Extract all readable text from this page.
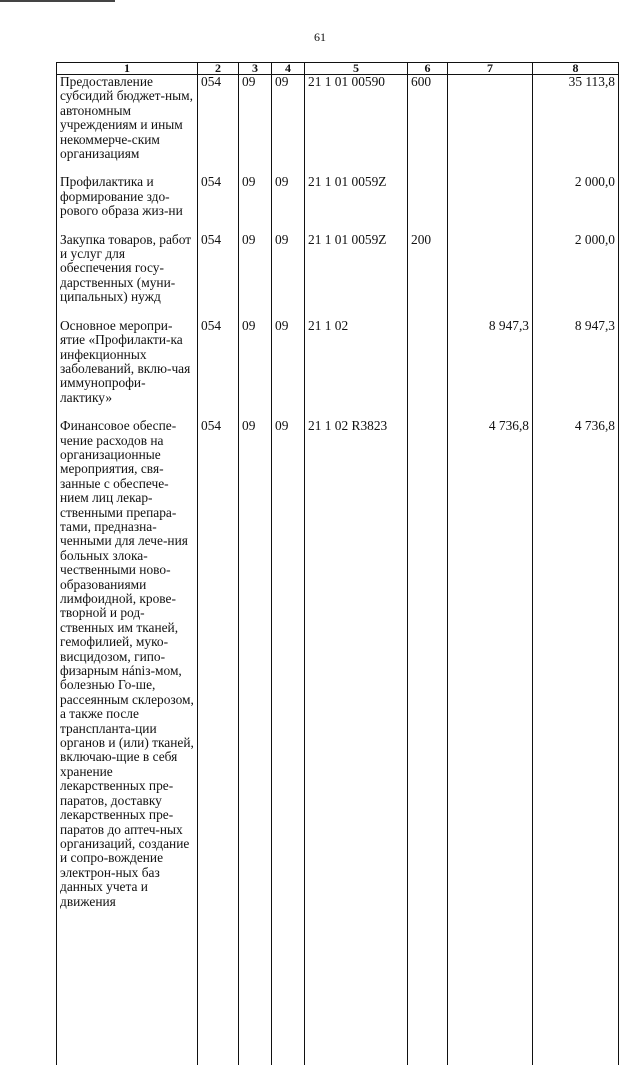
61
1	2	3	4	5	6	7	8
Предоставление субсидий бюджет-ным, автономным учреждениям и иным некоммерче-ским организациям	054	09	09	21 1 01 00590	600		35 113,8

Профилактика и формирование здо-рового образа жиз-ни	054	09	09	21 1 01 0059Z			2 000,0

Закупка товаров, работ и услуг для обеспечения госу-дарственных (муни-ципальных) нужд	054	09	09	21 1 01 0059Z	200		2 000,0

Основное меропри-ятие «Профилакти-ка инфекционных заболеваний, вклю-чая иммунопрофи-лактику»	054	09	09	21 1 02		8 947,3	8 947,3

Финансовое обеспе-чение расходов на организационные мероприятия, свя-занные с обеспече-нием лиц лекар-ственными препара-тами, предназна-ченными для лече-ния больных злока-чественными ново-образованиями лимфоидной, крове-творной и род-ственных им тканей, гемофилией, муко-висцидозом, гипо-физарным нániз-мом, болезнью Го-ше, рассеянным склерозом, а также после транспланта-ции органов и (или) тканей, включаю-щие в себя хранение лекарственных пре-паратов, доставку лекарственных пре-паратов до аптеч-ных организаций, создание и сопро-вождение электрон-ных баз данных учета и движения	054	09	09	21 1 02 R3823		4 736,8	4 736,8
